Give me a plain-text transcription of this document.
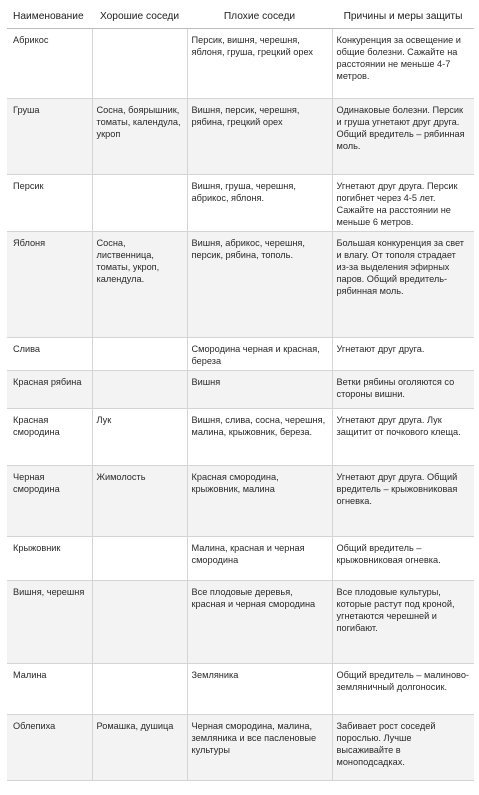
Наименование	Хорошие соседи	Плохие соседи	Причины и меры защиты
Абрикос		Персик, вишня, черешня, яблоня, груша, грецкий орех	Конкуренция за освещение и общие болезни. Сажайте на расстоянии не меньше 4-7 метров.
Груша	Сосна, боярышник, томаты, календула, укроп	Вишня, персик, черешня, рябина, грецкий орех	Одинаковые болезни. Персик и груша угнетают друг друга. Общий вредитель – рябинная моль.
Персик		Вишня, груша, черешня, абрикос, яблоня.	Угнетают друг друга. Персик погибнет через 4-5 лет. Сажайте на расстоянии не меньше 6 метров.
Яблоня	Сосна, лиственница, томаты, укроп, календула.	Вишня, абрикос, черешня, персик, рябина, тополь.	Большая конкуренция за свет и влагу. От тополя страдает из-за выделения эфирных паров. Общий вредитель-рябинная моль.
Слива		Смородина черная и красная, береза	Угнетают друг друга.
Красная рябина		Вишня	Ветки рябины оголяются со стороны вишни.
Красная смородина	Лук	Вишня, слива, сосна, черешня, малина, крыжовник, береза.	Угнетают друг друга. Лук защитит от почкового клеща.
Черная смородина	Жимолость	Красная смородина, крыжовник, малина	Угнетают друг друга. Общий вредитель – крыжовниковая огневка.
Крыжовник		Малина, красная и черная смородина	Общий вредитель – крыжовниковая огневка.
Вишня, черешня		Все плодовые деревья, красная и черная смородина	Все плодовые культуры, которые растут под кроной, угнетаются черешней и погибают.
Малина		Земляника	Общий вредитель – малиново-земляничный долгоносик.
Облепиха	Ромашка, душица	Черная смородина, малина, земляника и все пасленовые культуры	Забивает рост соседей порослью. Лучше высаживайте в моноподсадках.
